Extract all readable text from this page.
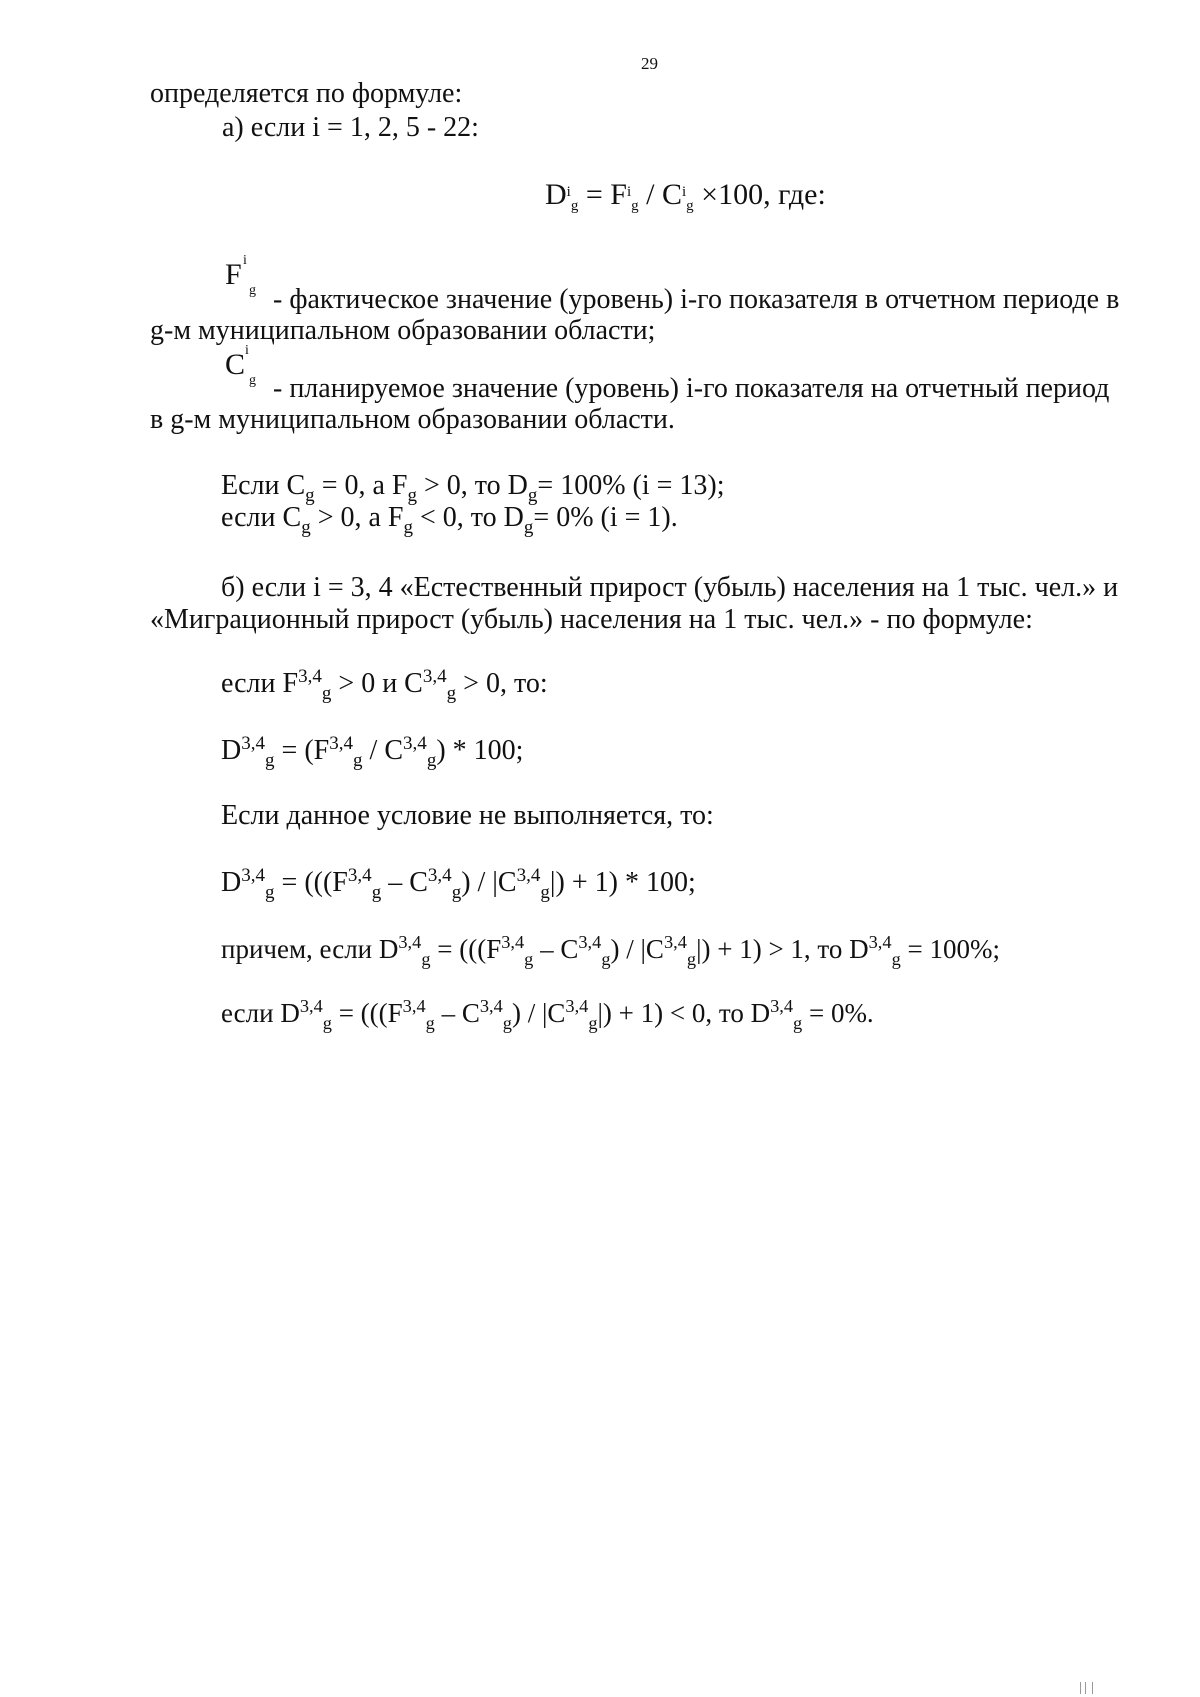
29
определяется по формуле:
а) если i = 1, 2, 5 - 22:
$D^ig = F^ig / C^ig \times 100$, где:
F i
g - фактическое значение (уровень) i-го показателя в отчетном периоде в
g-м муниципальном образовании области;
C i
g - планируемое значение (уровень) i-го показателя на отчетный период
в g-м муниципальном образовании области.
Если $C_g = 0$, а $F_g > 0$, то $D_g= 100\%$ (i = 13);
если $C_g > 0$, а $F_g < 0$, то $D_g= 0\%$ (i = 1).
б) если i = 3, 4 «Естественный прирост (убыль) населения на 1 тыс. чел.» и
«Миграционный прирост (убыль) населения на 1 тыс. чел.» - по формуле:
если F$^{3,4}_g$ > 0 и C$^{3,4}_g$ > 0, то:
$D^{3,4}_g = (F^{3,4}_g / C^{3,4}_g) * 100$;
Если данное условие не выполняется, то:
$D^{3,4}_g = (((F^{3,4}_g - C^{3,4}_g) / |C^{3,4}_g|) + 1) * 100$;
причем, если $D^{3,4}_g = (((F^{3,4}_g - C^{3,4}_g) / |C^{3,4}_g|) + 1) > 1$, то D$^{3,4}_g$ = 100%;
если $D^{3,4}_g = (((F^{3,4}_g - C^{3,4}_g) / |C^{3,4}_g|) + 1) < 0$, то D$^{3,4}_g$ = 0%.
